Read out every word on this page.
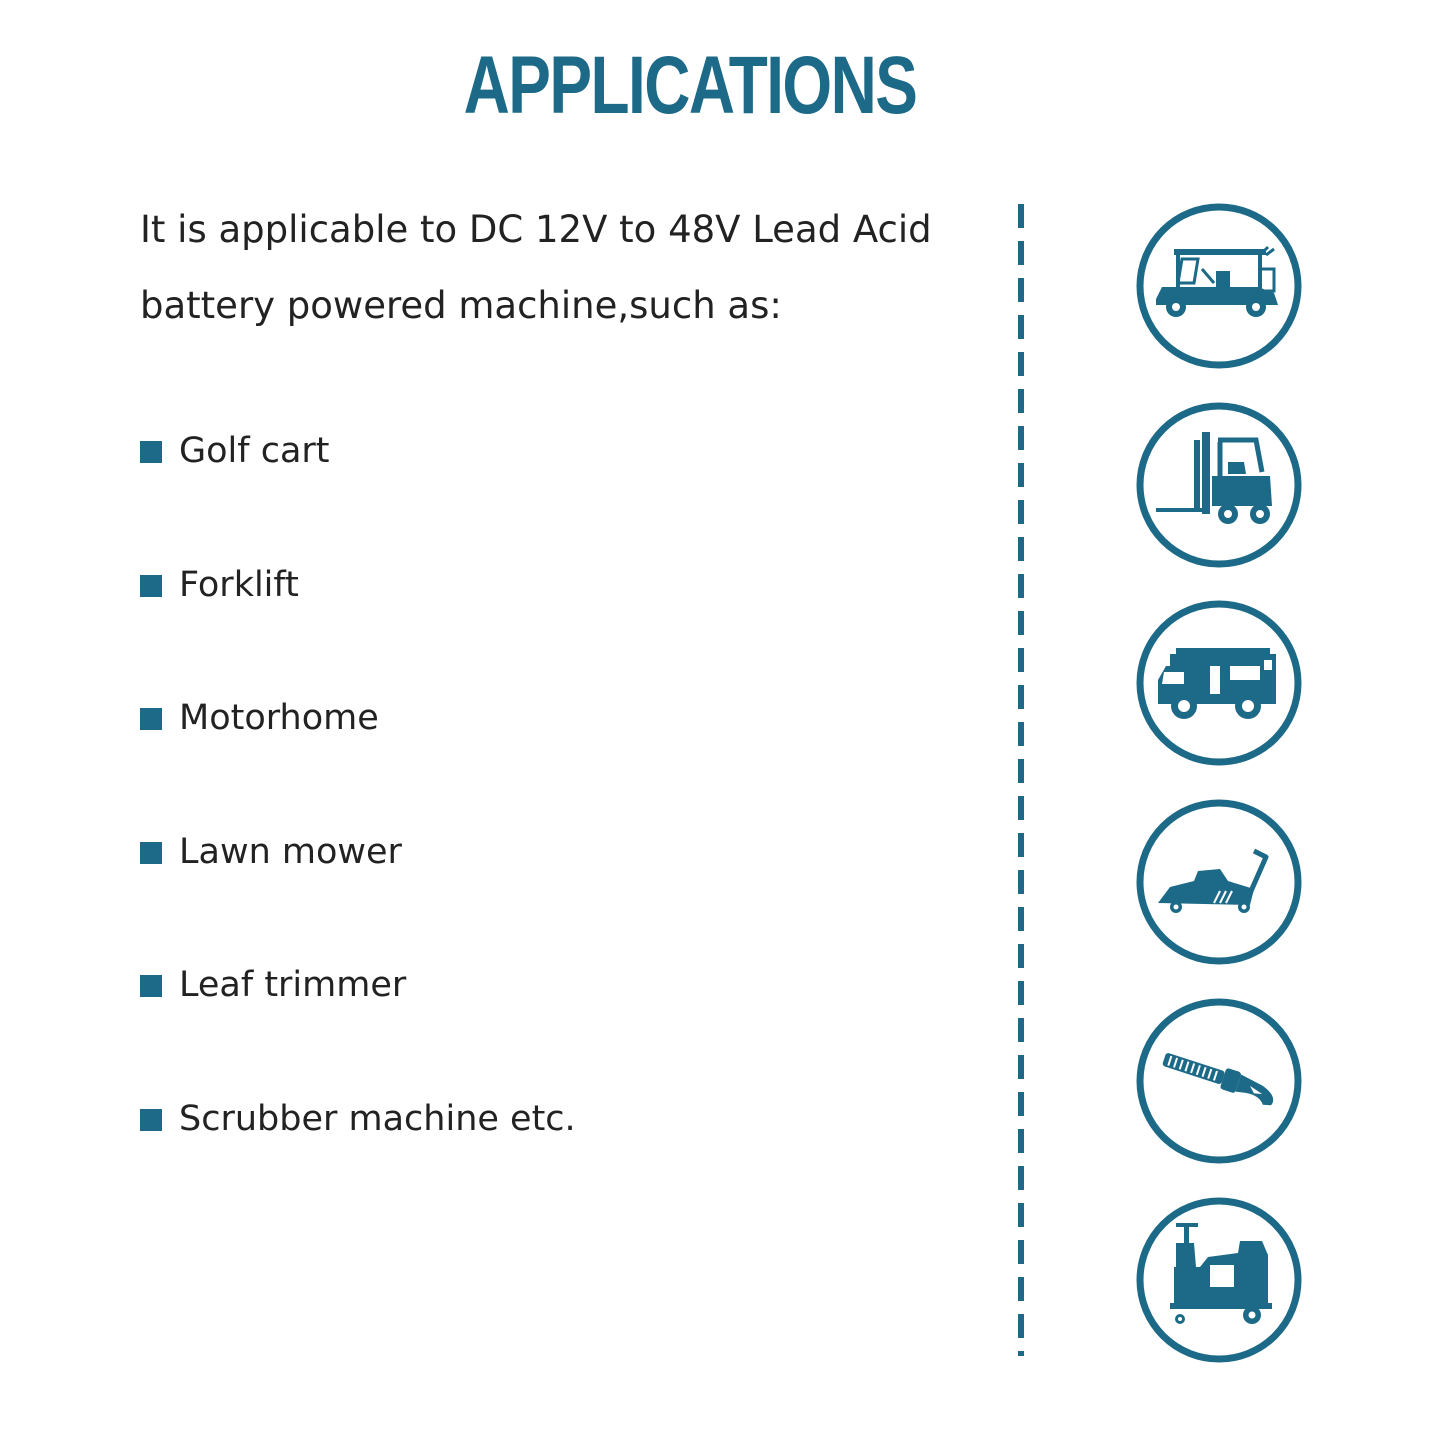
APPLICATIONS
It is applicable to DC 12V to 48V Lead Acid
battery powered machine,such as:
Golf cart
Forklift
Motorhome
Lawn mower
Leaf trimmer
Scrubber machine etc.
